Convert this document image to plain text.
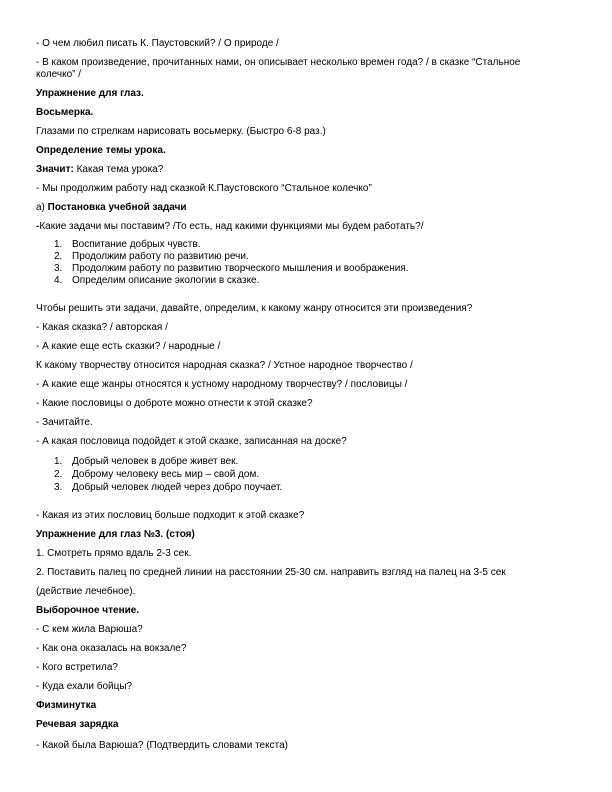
- О чем любил писать К. Паустовский? / О природе /
- В каком произведение, прочитанных нами, он описывает несколько времен года? / в сказке “Стальное
колечко” /
Упражнение для глаз.
Восьмерка.
Глазами по стрелкам нарисовать восьмерку. (Быстро 6-8 раз.)
Определение темы урока.
Значит: Какая тема урока?
- Мы продолжим работу над сказкой К.Паустовского “Стальное колечко”
а) Постановка учебной задачи
-Какие задачи мы поставим? /То есть, над какими функциями мы будем работать?/
1. Воспитание добрых чувств.
2. Продолжим работу по развитию речи.
3. Продолжим работу по развитию творческого мышления и воображения.
4. Определим описание экологии в сказке.
Чтобы решить эти задачи, давайте, определим, к какому жанру относится эти произведения?
- Какая сказка? / авторская /
- А какие еще есть сказки? / народные /
К какому творчеству относится народная сказка? / Устное народное творчество /
- А какие еще жанры относятся к устному народному творчеству? / пословицы /
- Какие пословицы о доброте можно отнести к этой сказке?
- Зачитайте.
- А какая пословица подойдет к этой сказке, записанная на доске?
1. Добрый человек в добре живет век.
2. Доброму человеку весь мир – свой дом.
3. Добрый человек людей через добро поучает.
- Какая из этих пословиц больше подходит к этой сказке?
Упражнение для глаз №3. (стоя)
1. Смотреть прямо вдаль 2-3 сек.
2. Поставить палец по средней линии на расстоянии 25-30 см. направить взгляд на палец на 3-5 сек
(действие лечебное).
Выборочное чтение.
- С кем жила Варюша?
- Как она оказалась на вокзале?
- Кого встретила?
- Куда ехали бойцы?
Физминутка
Речевая зарядка
- Какой была Варюша? (Подтвердить словами текста)
